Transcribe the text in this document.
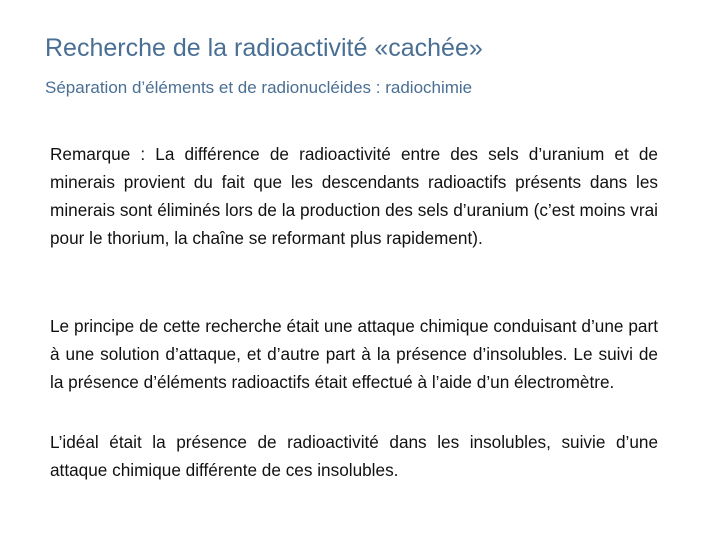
Recherche de la radioactivité «cachée»
Séparation d’éléments et de radionucléides : radiochimie
Remarque : La différence de radioactivité entre des sels d’uranium et de minerais provient du fait que les descendants radioactifs présents dans les minerais sont éliminés lors de la production des sels d’uranium (c’est moins vrai pour le thorium, la chaîne se reformant plus rapidement).
Le principe de cette recherche était une attaque chimique conduisant d’une part à une solution d’attaque, et d’autre part à la présence d’insolubles. Le suivi de la présence d’éléments radioactifs était effectué à l’aide d’un électromètre.
L’idéal était la présence de radioactivité dans les insolubles, suivie d’une attaque chimique différente de ces insolubles.
